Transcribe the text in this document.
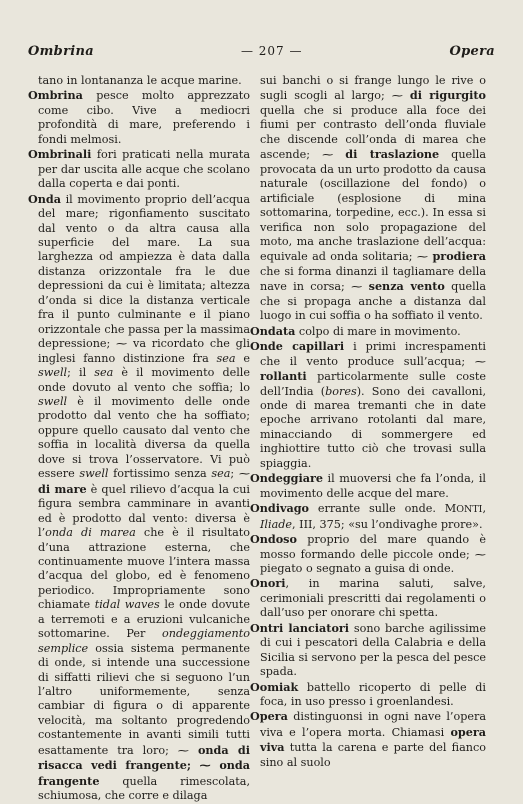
Ombrina	— 207 —	Opera

tano in lontananza le acque marine.

Ombrina pesce molto apprezzato come cibo. Vive a mediocri profondità di mare, preferendo i fondi melmosi.

Ombrinali fori praticati nella murata per dar uscita alle acque che scolano dalla coperta e dai ponti.

Onda il movimento proprio dell’acqua del mare; rigonfiamento suscitato dal vento o da altra causa alla superficie del mare. La sua larghezza od ampiezza è data dalla distanza orizzontale fra le due depressioni da cui è limitata; altezza d’onda si dice la distanza verticale fra il punto culminante e il piano orizzontale che passa per la massima depressione; ⁓ va ricordato che gli inglesi fanno distinzione fra sea e swell; il sea è il movimento delle onde dovuto al vento che soffia; lo swell è il movimento delle onde prodotto dal vento che ha soffiato; oppure quello causato dal vento che soffia in località diversa da quella dove si trova l’osservatore. Vi può essere swell fortissimo senza sea; ⁓ di mare è quel rilievo d’acqua la cui figura sembra camminare in avanti ed è prodotto dal vento: diversa è l’onda di marea che è il risultato d’una attrazione esterna, che continuamente muove l’intera massa d’acqua del globo, ed è fenomeno periodico. Impropriamente sono chiamate tidal waves le onde dovute a terremoti e a eruzioni vulcaniche sottomarine. Per ondeggiamento semplice ossia sistema permanente di onde, si intende una successione di siffatti rilievi che si seguono l’un l’altro uniformemente, senza cambiar di figura o di apparente velocità, ma soltanto progredendo costantemente in avanti simili tutti esattamente tra loro; ⁓ onda di risacca vedi frangente; ⁓ onda frangente quella rimescolata, schiumosa, che corre e dilaga

sui banchi o si frange lungo le rive o sugli scogli al largo; ⁓ di rigurgito quella che si produce alla foce dei fiumi per contrasto dell’onda fluviale che discende coll’onda di marea che ascende; ⁓ di traslazione quella provocata da un urto prodotto da causa naturale (oscillazione del fondo) o artificiale (esplosione di mina sottomarina, torpedine, ecc.). In essa si verifica non solo propagazione del moto, ma anche traslazione dell’acqua: equivale ad onda solitaria; ⁓ prodiera che si forma dinanzi il tagliamare della nave in corsa; ⁓ senza vento quella che si propaga anche a distanza dal luogo in cui soffia o ha soffiato il vento.

Ondata colpo di mare in movimento.

Onde capillari i primi increspamenti che il vento produce sull’acqua; ⁓ rollanti particolarmente sulle coste dell’India (bores). Sono dei cavalloni, onde di marea tremanti che in date epoche arrivano rotolanti dal mare, minacciando di sommergere ed inghiottire tutto ciò che trovasi sulla spiaggia.

Ondeggiare il muoversi che fa l’onda, il movimento delle acque del mare.

Ondivago errante sulle onde. MONTI, Iliade, III, 375; «su l’ondivaghe prore».

Ondoso proprio del mare quando è mosso formando delle piccole onde; ⁓ piegato o segnato a guisa di onde.

Onori, in marina saluti, salve, cerimoniali prescritti dai regolamenti o dall’uso per onorare chi spetta.

Ontri lanciatori sono barche agilissime di cui i pescatori della Calabria e della Sicilia si servono per la pesca del pesce spada.

Oomiak battello ricoperto di pelle di foca, in uso presso i groenlandesi.

Opera distinguonsi in ogni nave l’opera viva e l’opera morta. Chiamasi opera viva tutta la carena e parte del fianco sino al suolo
